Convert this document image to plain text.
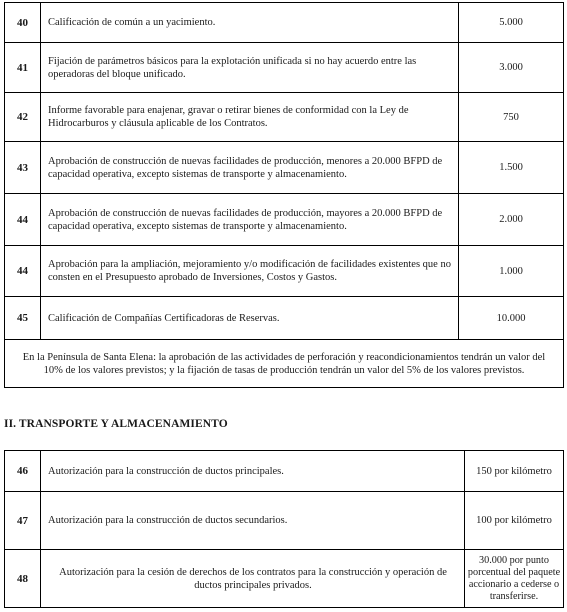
40	Calificación de común a un yacimiento.	5.000
41	Fijación de parámetros básicos para la explotación unificada si no hay acuerdo entre las operadoras del bloque unificado.	3.000
42	Informe favorable para enajenar, gravar o retirar bienes de conformidad con la Ley de Hidrocarburos y cláusula aplicable de los Contratos.	750
43	Aprobación de construcción de nuevas facilidades de producción, menores a 20.000 BFPD de capacidad operativa, excepto sistemas de transporte y almacenamiento.	1.500
44	Aprobación de construcción de nuevas facilidades de producción, mayores a 20.000 BFPD de capacidad operativa, excepto sistemas de transporte y almacenamiento.	2.000
44	Aprobación para la ampliación, mejoramiento y/o modificación de facilidades existentes que no consten en el Presupuesto aprobado de Inversiones, Costos y Gastos.	1.000
45	Calificación de Compañías Certificadoras de Reservas.	10.000
En la Península de Santa Elena: la aprobación de las actividades de perforación y reacondicionamientos tendrán un valor del 10% de los valores previstos; y la fijación de tasas de producción tendrán un valor del 5% de los valores previstos.		
II. TRANSPORTE Y ALMACENAMIENTO
46	Autorización para la construcción de ductos principales.	150 por kilómetro
47	Autorización para la construcción de ductos secundarios.	100 por kilómetro
48	Autorización para la cesión de derechos de los contratos para la construcción y operación de ductos principales privados.	30.000 por punto porcentual del paquete accionario a cederse o transferirse.
